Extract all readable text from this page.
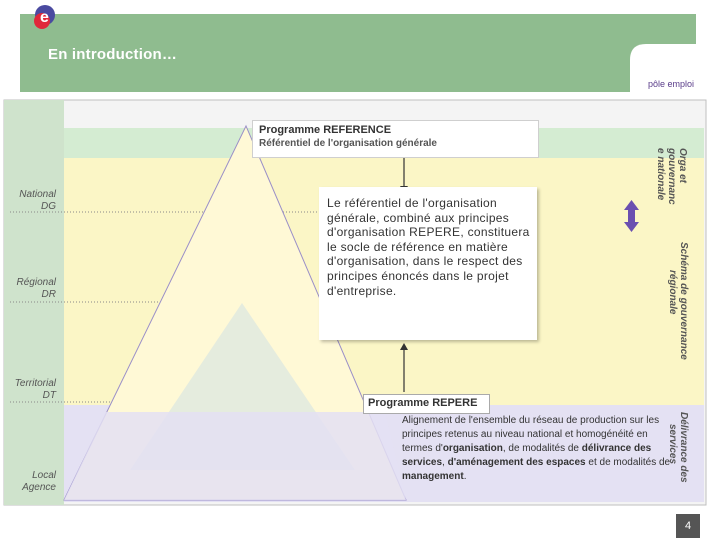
En introduction…
e
pôle emploi
National
DG
Régional
DR
Territorial
DT
Local
Agence
Programme REFERENCE
Référentiel de l'organisation générale
Le référentiel de l'organisation générale, combiné aux principes d'organisation REPERE, constituera le socle de référence en matière d'organisation, dans le respect des principes énoncés dans le projet d'entreprise.
Programme REPERE
Alignement de l'ensemble du réseau de production sur les principes retenus au niveau national et homogénéité en termes d'organisation, de modalités de délivrance des services, d'aménagement des espaces et de modalités de management.
Orga et
gouvernanc
e nationale
Schéma de gouvernance
régionale
Délivrance des
services
4
